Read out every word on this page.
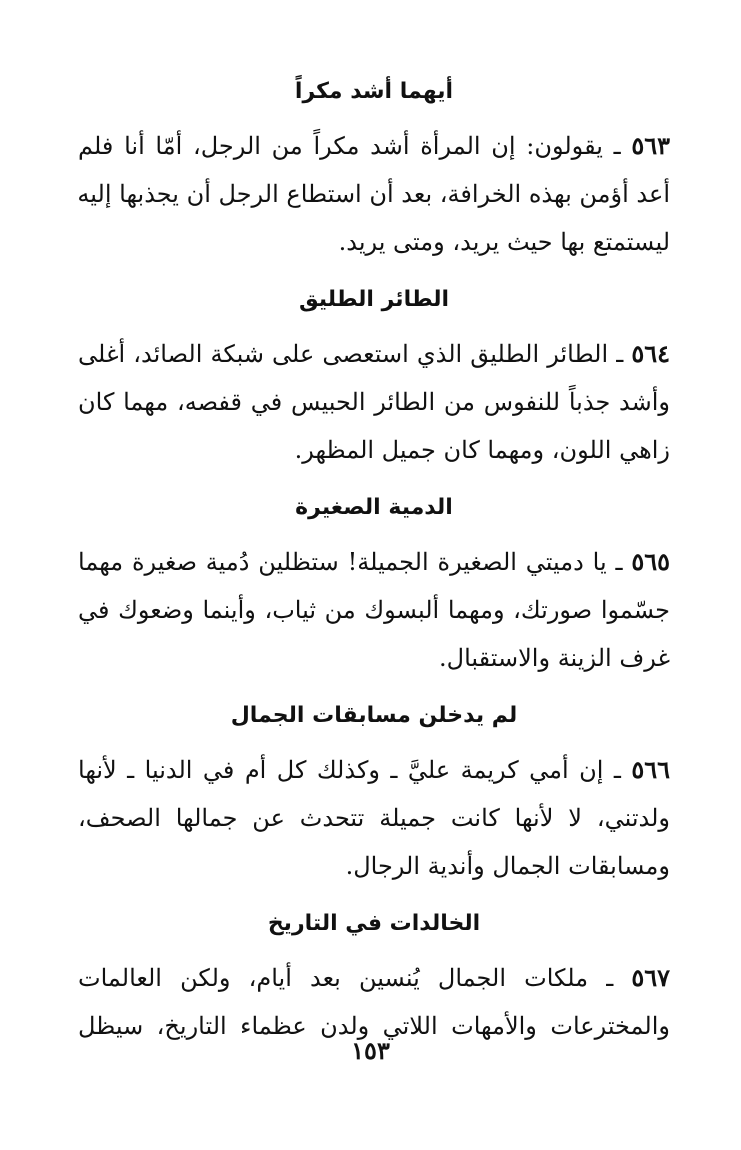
أيهما أشد مكراً
٥٦٣ ـ يقولون: إن المرأة أشد مكراً من الرجل، أمّا أنا فلم
أعد أؤمن بهذه الخرافة، بعد أن استطاع الرجل أن يجذبها إليه
ليستمتع بها حيث يريد، ومتى يريد.
الطائر الطليق
٥٦٤ ـ الطائر الطليق الذي استعصى على شبكة الصائد، أغلى
وأشد جذباً للنفوس من الطائر الحبيس في قفصه، مهما كان
زاهي اللون، ومهما كان جميل المظهر.
الدمية الصغيرة
٥٦٥ ـ يا دميتي الصغيرة الجميلة! ستظلين دُمية صغيرة مهما
جسّموا صورتك، ومهما ألبسوك من ثياب، وأينما وضعوك في
غرف الزينة والاستقبال.
لم يدخلن مسابقات الجمال
٥٦٦ ـ إن أمي كريمة عليَّ ـ وكذلك كل أم في الدنيا ـ لأنها
ولدتني، لا لأنها كانت جميلة تتحدث عن جمالها الصحف،
ومسابقات الجمال وأندية الرجال.
الخالدات في التاريخ
٥٦٧ ـ ملكات الجمال يُنسين بعد أيام، ولكن العالمات
والمخترعات والأمهات اللاتي ولدن عظماء التاريخ، سيظل
١٥٣
